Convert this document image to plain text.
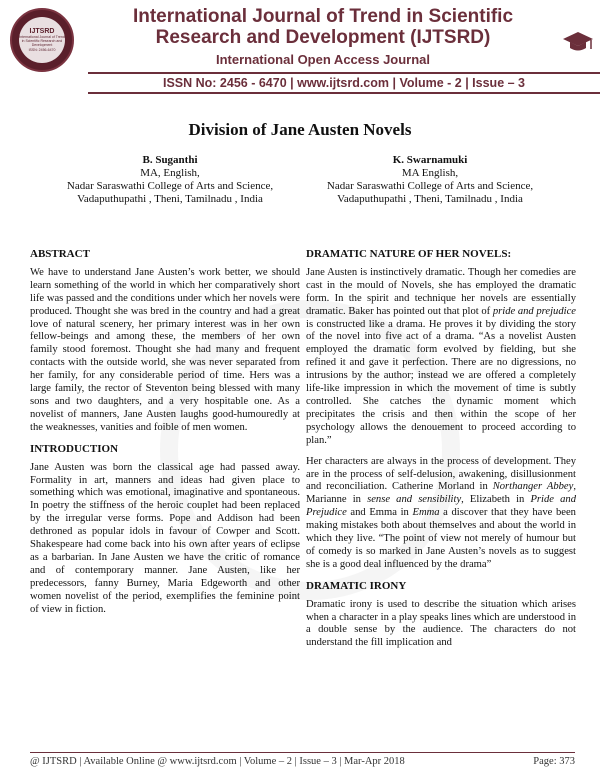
IJTSRD
International Journal of Trend in Scientific Research and Development
ISSN: 2456-6470
International Journal of Trend in Scientific Research and Development (IJTSRD)
International Open Access Journal
ISSN No: 2456 - 6470 | www.ijtsrd.com | Volume - 2 | Issue – 3
Division of Jane Austen Novels
B. Suganthi
MA, English,
Nadar Saraswathi College of Arts and Science,
Vadaputhupathi , Theni, Tamilnadu , India
K. Swarnamuki
MA English,
Nadar Saraswathi College of Arts and Science,
Vadaputhupathi , Theni, Tamilnadu , India
ABSTRACT

We have to understand Jane Austen’s work better, we should learn something of the world in which her comparatively short life was passed and the conditions under which her novels were produced. Thought she was bred in the country and had a great love of natural scenery, her primary interest was in her own fellow-beings and among these, the members of her own family stood foremost. Thought she had many and frequent contacts with the outside world, she was never separated from her family, for any considerable period of time. Hers was a large family, the rector of Steventon being blessed with many sons and two daughters, and a very hospitable one. As a novelist of manners, Jane Austen laughs good-humouredly at the weaknesses, vanities and foible of men women.

INTRODUCTION

Jane Austen was born the classical age had passed away. Formality in art, manners and ideas had given place to something which was emotional, imaginative and spontaneous. In poetry the stiffness of the heroic couplet had been replaced by the irregular verse forms. Pope and Addison had been dethroned as popular idols in favour of Cowper and Scott. Shakespeare had come back into his own after years of eclipse as a barbarian. In Jane Austen we have the critic of romance and of contemporary manner. Jane Austen, like her predecessors, fanny Burney, Maria Edgeworth and other women novelist of the period, exemplifies the feminine point of view in fiction.

DRAMATIC NATURE OF HER NOVELS:

Jane Austen is instinctively dramatic. Though her comedies are cast in the mould of Novels, she has employed the dramatic form. In the spirit and technique her novels are essentially dramatic. Baker has pointed out that plot of pride and prejudice is constructed like a drama. He proves it by dividing the story of the novel into five act of a drama. “As a novelist Austen employed the dramatic form evolved by fielding, but she refined it and gave it perfection. There are no digressions, no intrusions by the author; instead we are offered a completely life-like impression in which the movement of time is subtly controlled. She catches the dynamic moment which precipitates the crisis and then within the scope of her psychology allows the denouement to proceed according to plan.”

Her characters are always in the process of development. They are in the process of self-delusion, awakening, disillusionment and reconciliation. Catherine Morland in Northanger Abbey, Marianne in sense and sensibility, Elizabeth in Pride and Prejudice and Emma in Emma a discover that they have been making mistakes both about themselves and about the world in which they live. “The point of view not merely of humour but of comedy is so marked in Jane Austen’s novels as to suggest she is a good deal influenced by the drama”

DRAMATIC IRONY

Dramatic irony is used to describe the situation which arises when a character in a play speaks lines which are understood in a double sense by the audience. The characters do not understand the fill implication and

@ IJTSRD | Available Online @ www.ijtsrd.com | Volume – 2 | Issue – 3 | Mar-Apr 2018	Page: 373
